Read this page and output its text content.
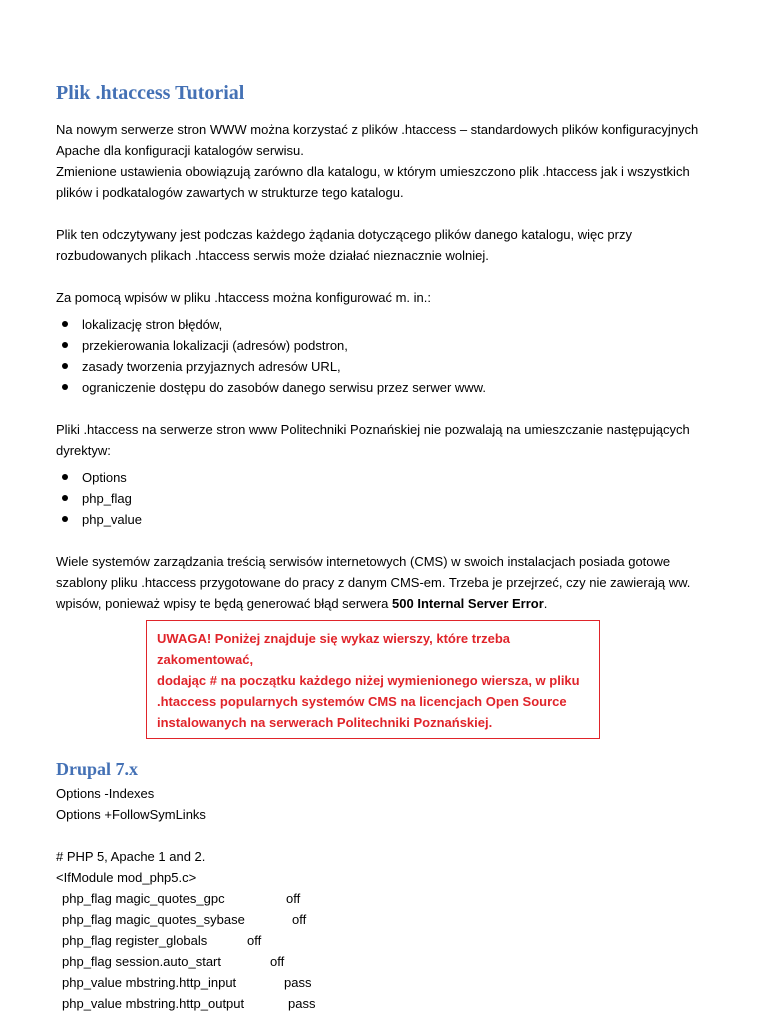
Plik .htaccess Tutorial

Na nowym serwerze stron WWW można korzystać z plików .htaccess – standardowych plików konfiguracyjnych

Apache dla konfiguracji katalogów serwisu.

Zmienione ustawienia obowiązują zarówno dla katalogu, w którym umieszczono plik .htaccess jak i wszystkich

plików i podkatalogów zawartych w strukturze tego katalogu.

Plik ten odczytywany jest podczas każdego żądania dotyczącego plików danego katalogu, więc przy

rozbudowanych plikach .htaccess serwis może działać nieznacznie wolniej.

Za pomocą wpisów w pliku .htaccess można konfigurować m. in.:

lokalizację stron błędów,
przekierowania lokalizacji (adresów) podstron,
zasady tworzenia przyjaznych adresów URL,
ograniczenie dostępu do zasobów danego serwisu przez serwer www.

Pliki .htaccess na serwerze stron www Politechniki Poznańskiej nie pozwalają na umieszczanie następujących

dyrektyw:

Options
php_flag
php_value

Wiele systemów zarządzania treścią serwisów internetowych (CMS) w swoich instalacjach posiada gotowe

szablony pliku .htaccess przygotowane do pracy z danym CMS-em. Trzeba je przejrzeć, czy nie zawierają ww.

wpisów, ponieważ wpisy te będą generować błąd serwera 500 Internal Server Error.

UWAGA! Poniżej znajduje się wykaz wierszy, które trzeba zakomentować,

dodając # na początku każdego niżej wymienionego wiersza, w pliku

.htaccess popularnych systemów CMS na licencjach Open Source

instalowanych na serwerach Politechniki Poznańskiej.

Drupal 7.x

Options -Indexes

Options +FollowSymLinks

# PHP 5, Apache 1 and 2.

<IfModule mod_php5.c>

php_flag magic_quotes_gpc	off
php_flag magic_quotes_sybase	off
php_flag register_globals	off
php_flag session.auto_start	off
php_value mbstring.http_input	pass
php_value mbstring.http_output	pass
